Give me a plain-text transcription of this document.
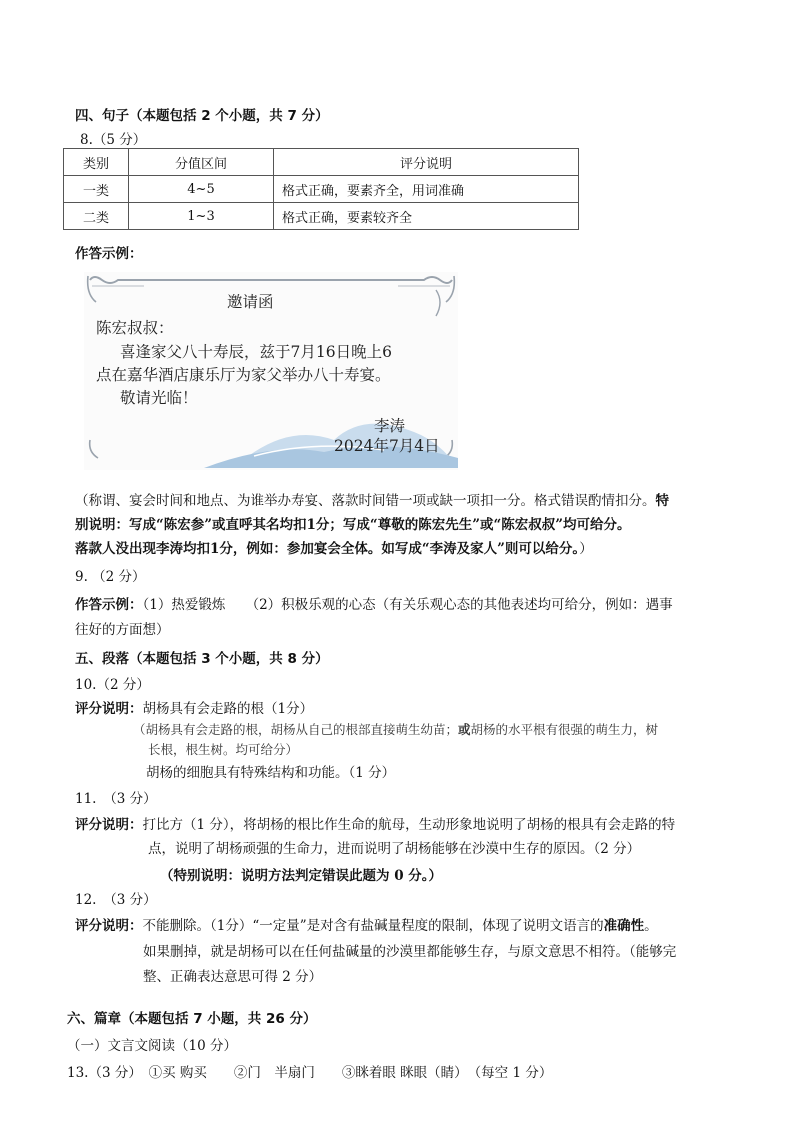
四、句子（本题包括 2 个小题，共 7 分）
8.（5 分）
类别	分值区间	评分说明
一类	4~5	格式正确，要素齐全，用词准确
二类	1~3	格式正确，要素较齐全
作答示例：
邀请函
陈宏叔叔：
喜逢家父八十寿辰，兹于7月16日晚上6
点在嘉华酒店康乐厅为家父举办八十寿宴。
敬请光临！
李涛
2024年7月4日
（称谓、宴会时间和地点、为谁举办寿宴、落款时间错一项或缺一项扣一分。格式错误酌情扣分。特
别说明：写成“陈宏参”或直呼其名均扣1分；写成“尊敬的陈宏先生”或“陈宏叔叔”均可给分。
落款人没出现李涛均扣1分，例如：参加宴会全体。如写成“李涛及家人”则可以给分。）
9. （2 分）
作答示例：（1）热爱锻炼　　（2）积极乐观的心态（有关乐观心态的其他表述均可给分，例如：遇事
往好的方面想）
五、段落（本题包括 3 个小题，共 8 分）
10.（2 分）
评分说明：胡杨具有会走路的根（1分）
（胡杨具有会走路的根，胡杨从自己的根部直接萌生幼苗；或胡杨的水平根有很强的萌生力，树
长根，根生树。均可给分）
胡杨的细胞具有特殊结构和功能。（1 分）
11.　（3 分）
评分说明：打比方（1 分），将胡杨的根比作生命的航母，生动形象地说明了胡杨的根具有会走路的特
点，说明了胡杨顽强的生命力，进而说明了胡杨能够在沙漠中生存的原因。（2 分）
（特别说明：说明方法判定错误此题为 0 分。）
12.　（3 分）
评分说明：不能删除。（1分）“一定量”是对含有盐碱量程度的限制，体现了说明文语言的准确性。
如果删掉，就是胡杨可以在任何盐碱量的沙漠里都能够生存，与原文意思不相符。（能够完
整、正确表达意思可得 2 分）
六、篇章（本题包括 7 小题，共 26 分）
（一）文言文阅读（10 分）
13.（3 分）　①买 购买　　②门　半扇门　　③眯着眼 眯眼（睛）　（每空 1 分）
